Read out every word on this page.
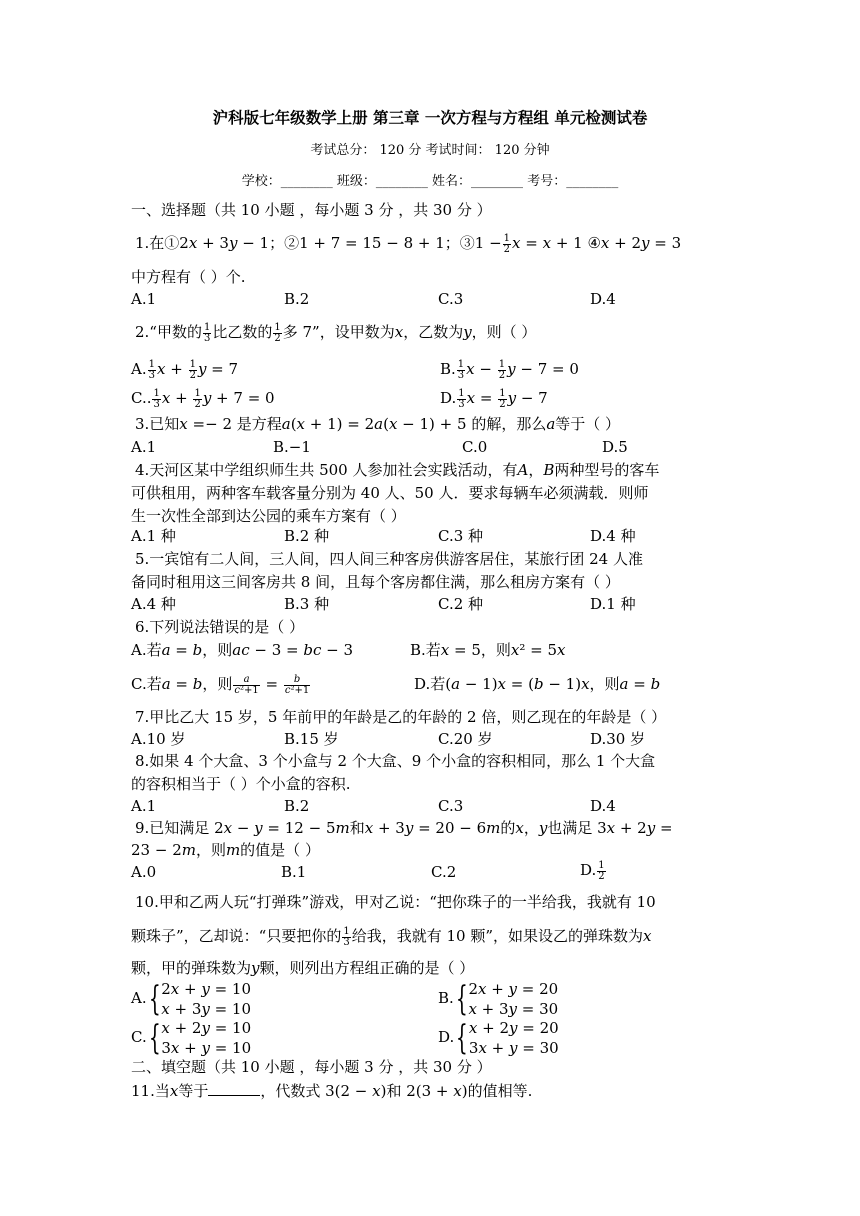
沪科版七年级数学上册 第三章 一次方程与方程组 单元检测试卷
考试总分： 120 分 考试时间： 120 分钟
学校：________ 班级：________ 姓名：________ 考号：________
一、选择题（共 10 小题 ，每小题 3 分 ，共 30 分 ）
1.在①2𝑥 + 3𝑦 − 1；②1 + 7 = 15 − 8 + 1；③1 − $\frac{1}{2}$ 𝑥 = 𝑥 + 1 ④𝑥 + 2𝑦 = 3
中方程有（ ）个.
A.1	B.2	C.3	D.4
2.“甲数的 $\frac{1}{3}$ 比乙数的 $\frac{1}{2}$ 多 7”，设甲数为𝑥，乙数为𝑦，则（ ）
A. $\frac{1}{3}$ 𝑥 + $\frac{1}{2}$ 𝑦 = 7	B. $\frac{1}{3}$ 𝑥 − $\frac{1}{2}$ 𝑦 − 7 = 0
C.. $\frac{1}{3}$ 𝑥 + $\frac{1}{2}$ 𝑦 + 7 = 0	D. $\frac{1}{3}$ 𝑥 = $\frac{1}{2}$ 𝑦 − 7
3.已知𝑥 =− 2 是方程𝑎(𝑥 + 1) = 2𝑎(𝑥 − 1) + 5 的解，那么𝑎等于（ ）
A.1	B.−1	C.0	D.5
4.天河区某中学组织师生共 500 人参加社会实践活动，有𝐴，𝐵两种型号的客车
可供租用，两种客车载客量分别为 40 人、50 人．要求每辆车必须满载．则师
生一次性全部到达公园的乘车方案有（ ）
A.1 种	B.2 种	C.3 种	D.4 种
5.一宾馆有二人间，三人间，四人间三种客房供游客居住，某旅行团 24 人准
备同时租用这三间客房共 8 间，且每个客房都住满，那么租房方案有（ ）
A.4 种	B.3 种	C.2 种	D.1 种
6.下列说法错误的是（ ）
A.若𝑎 = 𝑏，则𝑎𝑐 − 3 = 𝑏𝑐 − 3	B.若𝑥 = 5，则𝑥² = 5𝑥
C.若𝑎 = 𝑏，则 $\frac{\text{𝑎}}{\text{𝑐²+1}} = \frac{\text{𝑏}}{\text{𝑐²+1}}$	D.若(𝑎 − 1)𝑥 = (𝑏 − 1)𝑥，则𝑎 = 𝑏
7.甲比乙大 15 岁，5 年前甲的年龄是乙的年龄的 2 倍，则乙现在的年龄是（ ）
A.10 岁	B.15 岁	C.20 岁	D.30 岁
8.如果 4 个大盒、3 个小盒与 2 个大盒、9 个小盒的容积相同，那么 1 个大盒
的容积相当于（ ）个小盒的容积.
A.1	B.2	C.3	D.4
9.已知满足 2𝑥 − 𝑦 = 12 − 5𝑚和𝑥 + 3𝑦 = 20 − 6𝑚的𝑥，𝑦也满足 3𝑥 + 2𝑦 =
23 − 2𝑚，则𝑚的值是（ ）
A.0	B.1	C.2	D. $\frac{1}{2}$
10.甲和乙两人玩“打弹珠”游戏，甲对乙说：“把你珠子的一半给我，我就有 10
颗珠子”，乙却说：“只要把你的 $\frac{1}{3}$ 给我，我就有 10 颗”，如果设乙的弹珠数为𝑥
颗，甲的弹珠数为𝑦颗，则列出方程组正确的是（ ）
A.{ 2𝑥 + 𝑦 = 10
𝑥 + 3𝑦 = 10
B.{ 2𝑥 + 𝑦 = 20
𝑥 + 3𝑦 = 30
C.{ 𝑥 + 2𝑦 = 10
3𝑥 + 𝑦 = 10
D.{ 𝑥 + 2𝑦 = 20
3𝑥 + 𝑦 = 30
二、填空题（共 10 小题 ，每小题 3 分 ，共 30 分 ）
11.当𝑥等于	，代数式 3(2 − 𝑥)和 2(3 + 𝑥)的值相等.
